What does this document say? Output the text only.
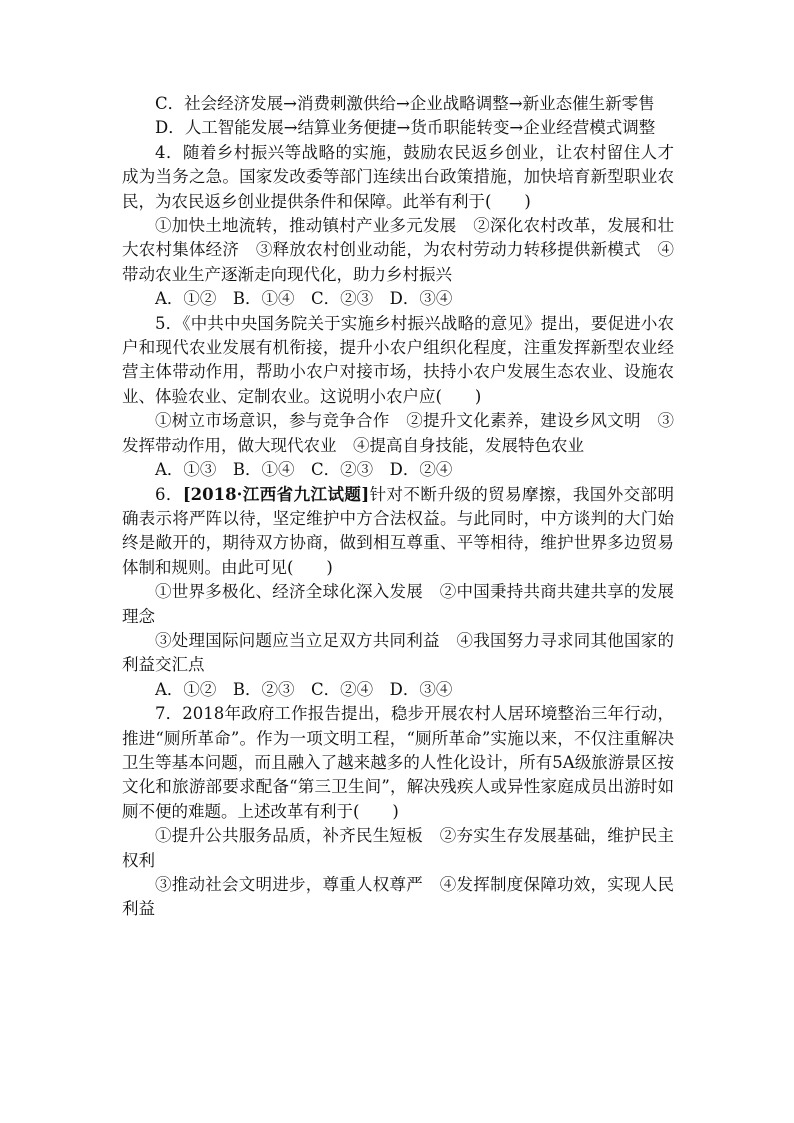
C．社会经济发展→消费刺激供给→企业战略调整→新业态催生新零售

D．人工智能发展→结算业务便捷→货币职能转变→企业经营模式调整

4．随着乡村振兴等战略的实施，鼓励农民返乡创业，让农村留住人才成为当务之急。国家发改委等部门连续出台政策措施，加快培育新型职业农民，为农民返乡创业提供条件和保障。此举有利于(　　)

①加快土地流转，推动镇村产业多元发展　②深化农村改革，发展和壮大农村集体经济　③释放农村创业动能，为农村劳动力转移提供新模式　④带动农业生产逐渐走向现代化，助力乡村振兴

A．①②　B．①④　C．②③　D．③④

5．《中共中央国务院关于实施乡村振兴战略的意见》提出，要促进小农户和现代农业发展有机衔接，提升小农户组织化程度，注重发挥新型农业经营主体带动作用，帮助小农户对接市场，扶持小农户发展生态农业、设施农业、体验农业、定制农业。这说明小农户应(　　)

①树立市场意识，参与竞争合作　②提升文化素养，建设乡风文明　③发挥带动作用，做大现代农业　④提高自身技能，发展特色农业

A．①③　B．①④　C．②③　D．②④

6．[2018·江西省九江试题]针对不断升级的贸易摩擦，我国外交部明确表示将严阵以待，坚定维护中方合法权益。与此同时，中方谈判的大门始终是敞开的，期待双方协商，做到相互尊重、平等相待，维护世界多边贸易体制和规则。由此可见(　　)

①世界多极化、经济全球化深入发展　②中国秉持共商共建共享的发展理念

③处理国际问题应当立足双方共同利益　④我国努力寻求同其他国家的利益交汇点

A．①②　B．②③　C．②④　D．③④

7．2018年政府工作报告提出，稳步开展农村人居环境整治三年行动，推进“厕所革命”。作为一项文明工程，“厕所革命”实施以来，不仅注重解决卫生等基本问题，而且融入了越来越多的人性化设计，所有5A级旅游景区按文化和旅游部要求配备“第三卫生间”，解决残疾人或异性家庭成员出游时如厕不便的难题。上述改革有利于(　　)

①提升公共服务品质，补齐民生短板　②夯实生存发展基础，维护民主权利

③推动社会文明进步，尊重人权尊严　④发挥制度保障功效，实现人民利益
